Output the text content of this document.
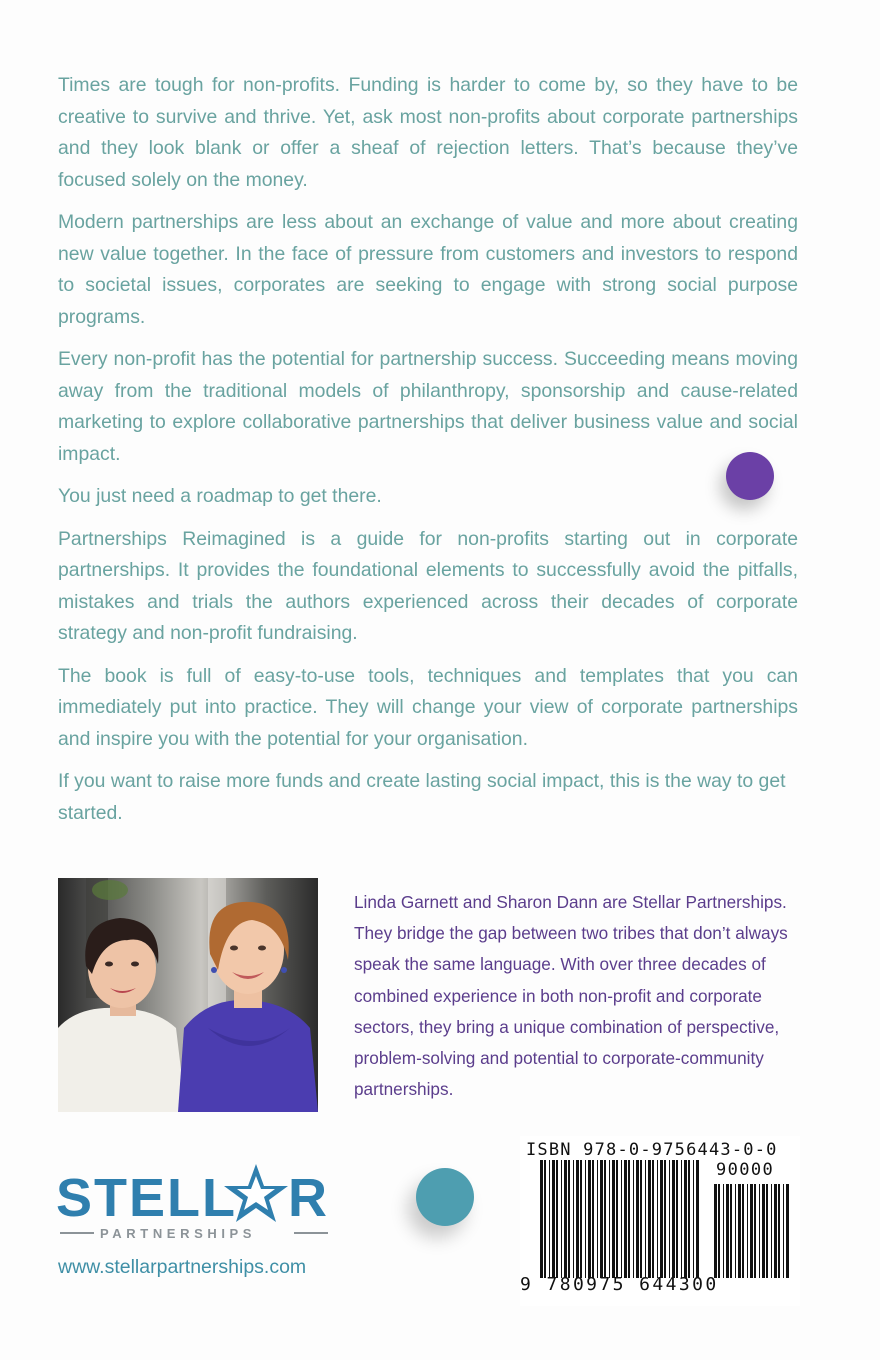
Times are tough for non-profits. Funding is harder to come by, so they have to be creative to survive and thrive. Yet, ask most non-profits about corporate partnerships and they look blank or offer a sheaf of rejection letters. That’s because they’ve focused solely on the money.

Modern partnerships are less about an exchange of value and more about creating new value together. In the face of pressure from customers and investors to respond to societal issues, corporates are seeking to engage with strong social purpose programs.

Every non-profit has the potential for partnership success. Succeeding means moving away from the traditional models of philanthropy, sponsorship and cause-related marketing to explore collaborative partnerships that deliver business value and social impact.

You just need a roadmap to get there.

Partnerships Reimagined is a guide for non-profits starting out in corporate partnerships. It provides the foundational elements to successfully avoid the pitfalls, mistakes and trials the authors experienced across their decades of corporate strategy and non-profit fundraising.

The book is full of easy-to-use tools, techniques and templates that you can immediately put into practice. They will change your view of corporate partnerships and inspire you with the potential for your organisation.

If you want to raise more funds and create lasting social impact, this is the way to get started.

Linda Garnett and Sharon Dann are Stellar Partnerships. They bridge the gap between two tribes that don’t always speak the same language. With over three decades of combined experience in both non-profit and corporate sectors, they bring a unique combination of perspective, problem-solving and potential to corporate-community partnerships.
STELL R
PARTNERSHIPS
www.stellarpartnerships.com
ISBN 978-0-9756443-0-0
90000
9 780975 644300
